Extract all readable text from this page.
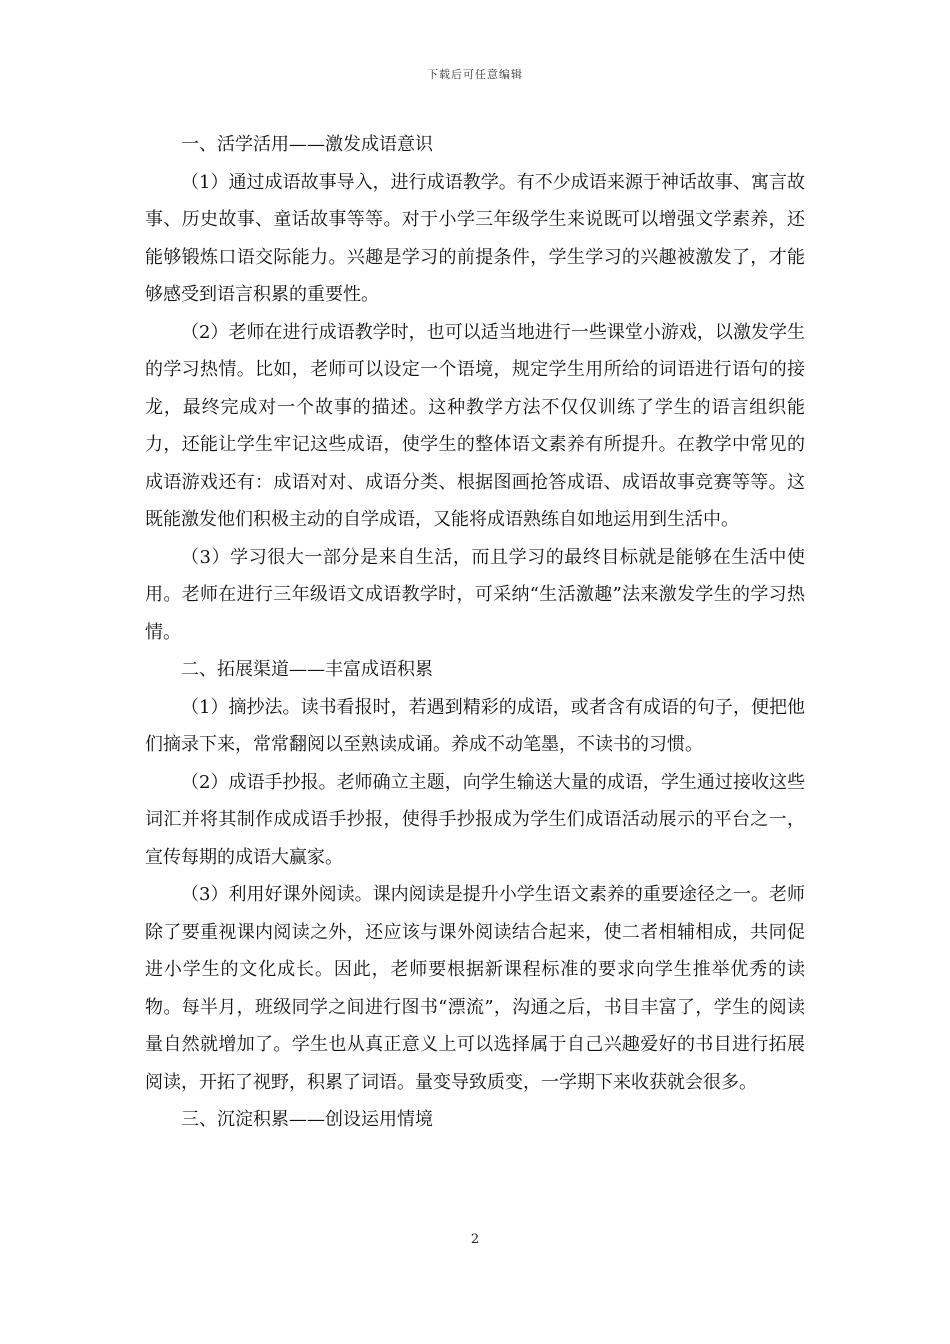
下载后可任意编辑

一、活学活用——激发成语意识

（1）通过成语故事导入，进行成语教学。有不少成语来源于神话故事、寓言故事、历史故事、童话故事等等。对于小学三年级学生来说既可以增强文学素养，还能够锻炼口语交际能力。兴趣是学习的前提条件，学生学习的兴趣被激发了，才能够感受到语言积累的重要性。

（2）老师在进行成语教学时，也可以适当地进行一些课堂小游戏，以激发学生的学习热情。比如，老师可以设定一个语境，规定学生用所给的词语进行语句的接龙，最终完成对一个故事的描述。这种教学方法不仅仅训练了学生的语言组织能力，还能让学生牢记这些成语，使学生的整体语文素养有所提升。在教学中常见的成语游戏还有：成语对对、成语分类、根据图画抢答成语、成语故事竞赛等等。这既能激发他们积极主动的自学成语，又能将成语熟练自如地运用到生活中。

（3）学习很大一部分是来自生活，而且学习的最终目标就是能够在生活中使用。老师在进行三年级语文成语教学时，可采纳“生活激趣”法来激发学生的学习热情。

二、拓展渠道——丰富成语积累

（1）摘抄法。读书看报时，若遇到精彩的成语，或者含有成语的句子，便把他们摘录下来，常常翻阅以至熟读成诵。养成不动笔墨，不读书的习惯。

（2）成语手抄报。老师确立主题，向学生输送大量的成语，学生通过接收这些词汇并将其制作成成语手抄报，使得手抄报成为学生们成语活动展示的平台之一，宣传每期的成语大赢家。

（3）利用好课外阅读。课内阅读是提升小学生语文素养的重要途径之一。老师除了要重视课内阅读之外，还应该与课外阅读结合起来，使二者相辅相成，共同促进小学生的文化成长。因此，老师要根据新课程标准的要求向学生推举优秀的读物。每半月，班级同学之间进行图书“漂流”，沟通之后，书目丰富了，学生的阅读量自然就增加了。学生也从真正意义上可以选择属于自己兴趣爱好的书目进行拓展阅读，开拓了视野，积累了词语。量变导致质变，一学期下来收获就会很多。

三、沉淀积累——创设运用情境

2
